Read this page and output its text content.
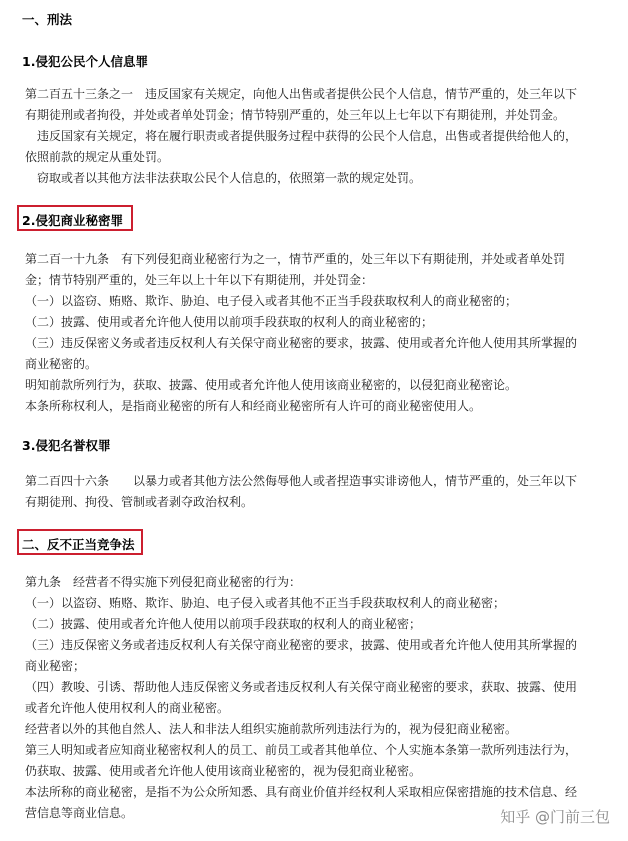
一、刑法
1.侵犯公民个人信息罪
第二百五十三条之一　违反国家有关规定，向他人出售或者提供公民个人信息，情节严重的，处三年以下
有期徒刑或者拘役，并处或者单处罚金；情节特别严重的，处三年以上七年以下有期徒刑，并处罚金。
　违反国家有关规定，将在履行职责或者提供服务过程中获得的公民个人信息，出售或者提供给他人的，
依照前款的规定从重处罚。
　窃取或者以其他方法非法获取公民个人信息的，依照第一款的规定处罚。
2.侵犯商业秘密罪
第二百一十九条　有下列侵犯商业秘密行为之一，情节严重的，处三年以下有期徒刑，并处或者单处罚
金；情节特别严重的，处三年以上十年以下有期徒刑，并处罚金：
（一）以盗窃、贿赂、欺诈、胁迫、电子侵入或者其他不正当手段获取权利人的商业秘密的；
（二）披露、使用或者允许他人使用以前项手段获取的权利人的商业秘密的；
（三）违反保密义务或者违反权利人有关保守商业秘密的要求，披露、使用或者允许他人使用其所掌握的
商业秘密的。
明知前款所列行为，获取、披露、使用或者允许他人使用该商业秘密的，以侵犯商业秘密论。
本条所称权利人，是指商业秘密的所有人和经商业秘密所有人许可的商业秘密使用人。
3.侵犯名誉权罪
第二百四十六条　　以暴力或者其他方法公然侮辱他人或者捏造事实诽谤他人，情节严重的，处三年以下
有期徒刑、拘役、管制或者剥夺政治权利。
二、反不正当竞争法
第九条　经营者不得实施下列侵犯商业秘密的行为：
（一）以盗窃、贿赂、欺诈、胁迫、电子侵入或者其他不正当手段获取权利人的商业秘密；
（二）披露、使用或者允许他人使用以前项手段获取的权利人的商业秘密；
（三）违反保密义务或者违反权利人有关保守商业秘密的要求，披露、使用或者允许他人使用其所掌握的
商业秘密；
（四）教唆、引诱、帮助他人违反保密义务或者违反权利人有关保守商业秘密的要求，获取、披露、使用
或者允许他人使用权利人的商业秘密。
经营者以外的其他自然人、法人和非法人组织实施前款所列违法行为的，视为侵犯商业秘密。
第三人明知或者应知商业秘密权利人的员工、前员工或者其他单位、个人实施本条第一款所列违法行为，
仍获取、披露、使用或者允许他人使用该商业秘密的，视为侵犯商业秘密。
本法所称的商业秘密，是指不为公众所知悉、具有商业价值并经权利人采取相应保密措施的技术信息、经
营信息等商业信息。	知乎 @门前三包
